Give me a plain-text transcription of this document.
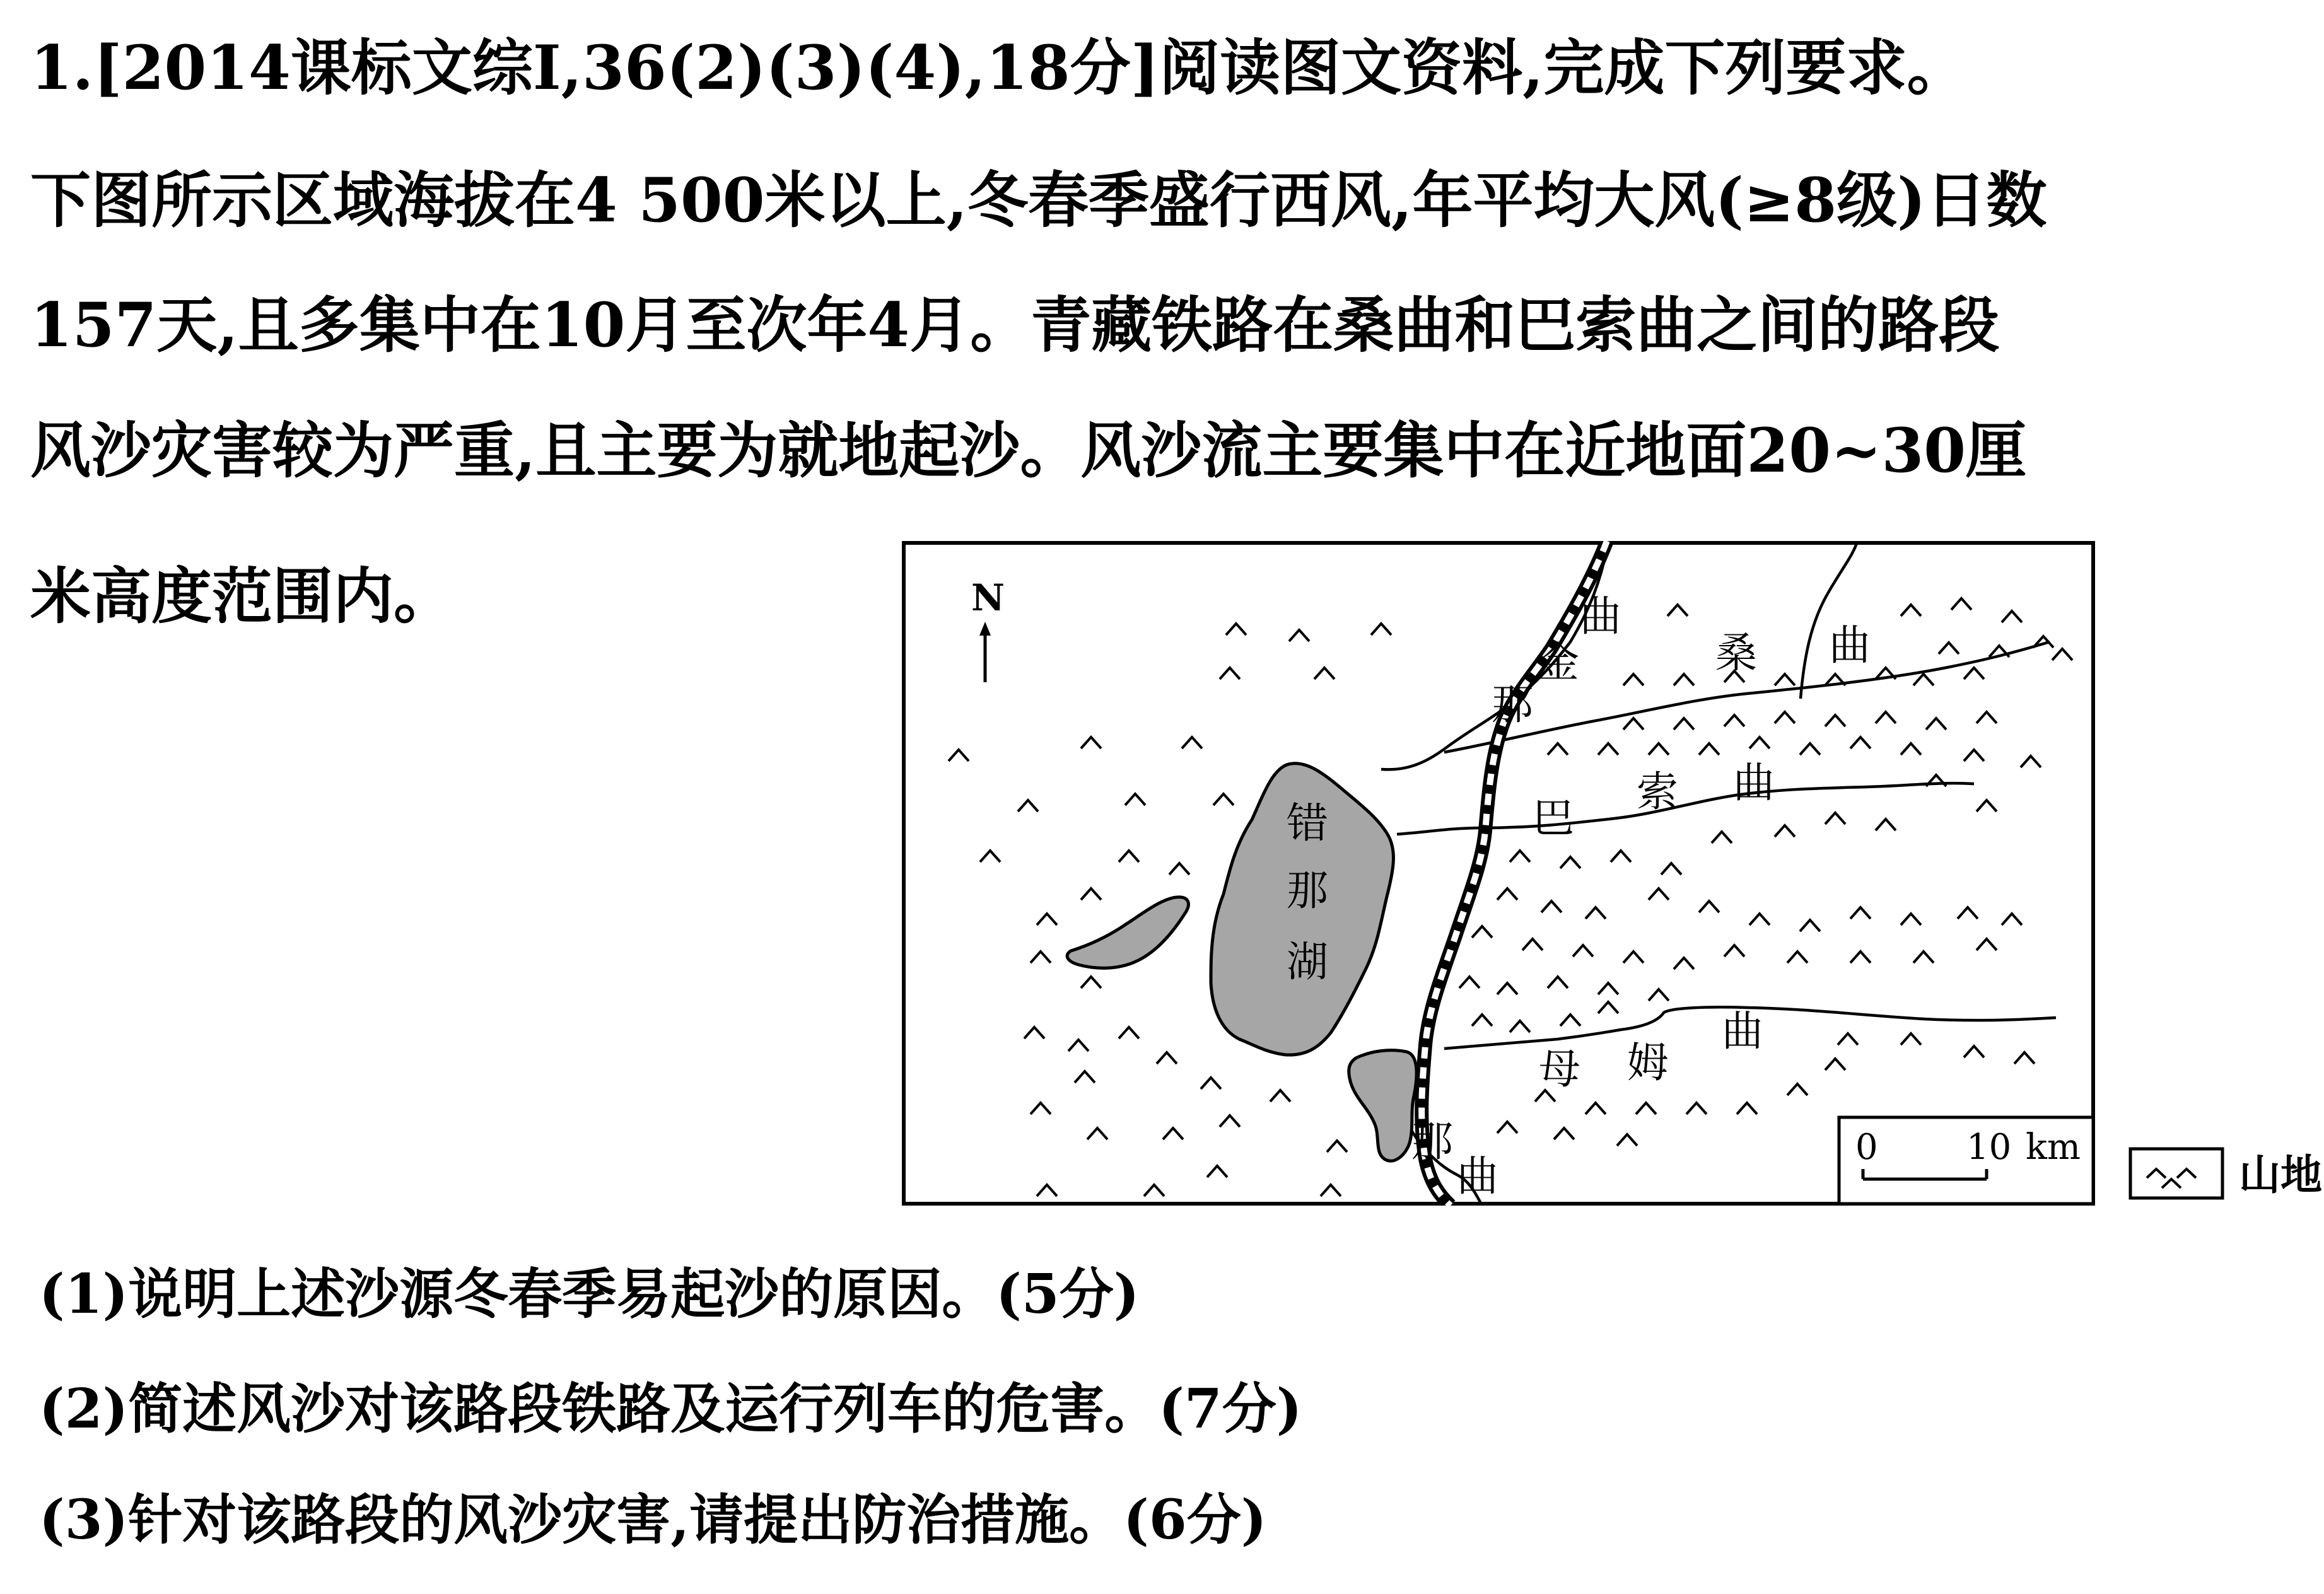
1.[2014课标文综Ⅰ,36(2)(3)(4),18分]阅读图文资料,完成下列要求。
下图所示区域海拔在4 500米以上,冬春季盛行西风,年平均大风(≥8级)日数
157天,且多集中在10月至次年4月。青藏铁路在桑曲和巴索曲之间的路段
风沙灾害较为严重,且主要为就地起沙。风沙流主要集中在近地面20~30厘
米高度范围内。	N
错
那
湖
曲
金
那
桑 曲
巴
索 曲
母 姆
曲
那
曲
0	10 km
山地
(1)说明上述沙源冬春季易起沙的原因。(5分)
(2)简述风沙对该路段铁路及运行列车的危害。(7分)
(3)针对该路段的风沙灾害,请提出防治措施。(6分)
